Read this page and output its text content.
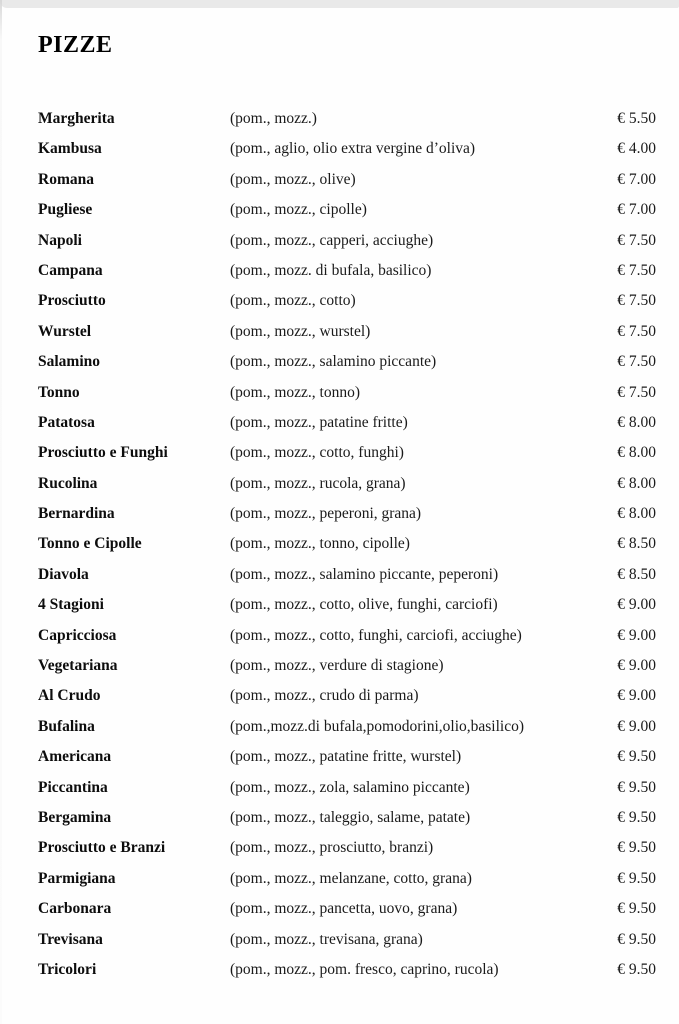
PIZZE
Margherita	(pom., mozz.)	€ 5.50
Kambusa	(pom., aglio, olio extra vergine d’oliva)	€ 4.00
Romana	(pom., mozz., olive)	€ 7.00
Pugliese	(pom., mozz., cipolle)	€ 7.00
Napoli	(pom., mozz., capperi, acciughe)	€ 7.50
Campana	(pom., mozz. di bufala, basilico)	€ 7.50
Prosciutto	(pom., mozz., cotto)	€ 7.50
Wurstel	(pom., mozz., wurstel)	€ 7.50
Salamino	(pom., mozz., salamino piccante)	€ 7.50
Tonno	(pom., mozz., tonno)	€ 7.50
Patatosa	(pom., mozz., patatine fritte)	€ 8.00
Prosciutto e Funghi	(pom., mozz., cotto, funghi)	€ 8.00
Rucolina	(pom., mozz., rucola, grana)	€ 8.00
Bernardina	(pom., mozz., peperoni, grana)	€ 8.00
Tonno e Cipolle	(pom., mozz., tonno, cipolle)	€ 8.50
Diavola	(pom., mozz., salamino piccante, peperoni)	€ 8.50
4 Stagioni	(pom., mozz., cotto, olive, funghi, carciofi)	€ 9.00
Capricciosa	(pom., mozz., cotto, funghi, carciofi, acciughe)	€ 9.00
Vegetariana	(pom., mozz., verdure di stagione)	€ 9.00
Al Crudo	(pom., mozz., crudo di parma)	€ 9.00
Bufalina	(pom.,mozz.di bufala,pomodorini,olio,basilico)	€ 9.00
Americana	(pom., mozz., patatine fritte, wurstel)	€ 9.50
Piccantina	(pom., mozz., zola, salamino piccante)	€ 9.50
Bergamina	(pom., mozz., taleggio, salame, patate)	€ 9.50
Prosciutto e Branzi	(pom., mozz., prosciutto, branzi)	€ 9.50
Parmigiana	(pom., mozz., melanzane, cotto, grana)	€ 9.50
Carbonara	(pom., mozz., pancetta, uovo, grana)	€ 9.50
Trevisana	(pom., mozz., trevisana, grana)	€ 9.50
Tricolori	(pom., mozz., pom. fresco, caprino, rucola)	€ 9.50
